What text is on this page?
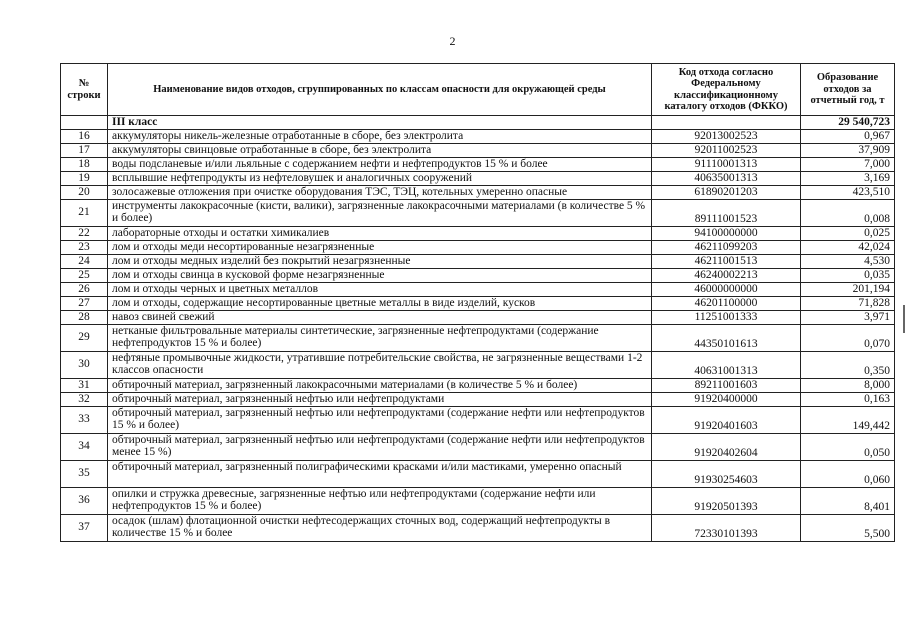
2
№ строки	Наименование видов отходов, сгруппированных по классам опасности для окружающей среды	Код отхода согласно Федеральному классификационному каталогу отходов (ФККО)	Образование отходов за отчетный год, т
	III класс		29 540,723
16	аккумуляторы никель-железные отработанные в сборе, без электролита	92013002523	0,967
17	аккумуляторы свинцовые отработанные в сборе, без электролита	92011002523	37,909
18	воды подсланевые и/или льяльные с содержанием нефти и нефтепродуктов 15 % и более	91110001313	7,000
19	всплывшие нефтепродукты из нефтеловушек и аналогичных сооружений	40635001313	3,169
20	золосажевые отложения при очистке оборудования ТЭС, ТЭЦ, котельных умеренно опасные	61890201203	423,510
21	инструменты лакокрасочные (кисти, валики), загрязненные лакокрасочными материалами (в количестве 5 % и более)	89111001523	0,008
22	лабораторные отходы и остатки химикалиев	94100000000	0,025
23	лом и отходы меди несортированные незагрязненные	46211099203	42,024
24	лом и отходы медных изделий без покрытий незагрязненные	46211001513	4,530
25	лом и отходы свинца в кусковой форме незагрязненные	46240002213	0,035
26	лом и отходы черных и цветных металлов	46000000000	201,194
27	лом и отходы, содержащие несортированные цветные металлы в виде изделий, кусков	46201100000	71,828
28	навоз свиней свежий	11251001333	3,971
29	нетканые фильтровальные материалы синтетические, загрязненные нефтепродуктами (содержание нефтепродуктов 15 % и более)	44350101613	0,070
30	нефтяные промывочные жидкости, утратившие потребительские свойства, не загрязненные веществами 1-2 классов опасности	40631001313	0,350
31	обтирочный материал, загрязненный лакокрасочными материалами (в количестве 5 % и более)	89211001603	8,000
32	обтирочный материал, загрязненный нефтью или нефтепродуктами	91920400000	0,163
33	обтирочный материал, загрязненный нефтью или нефтепродуктами (содержание нефти или нефтепродуктов 15 % и более)	91920401603	149,442
34	обтирочный материал, загрязненный нефтью или нефтепродуктами (содержание нефти или нефтепродуктов менее 15 %)	91920402604	0,050
35	обтирочный материал, загрязненный полиграфическими красками и/или мастиками, умеренно опасный	91930254603	0,060
36	опилки и стружка древесные, загрязненные нефтью или нефтепродуктами (содержание нефти или нефтепродуктов 15 % и более)	91920501393	8,401
37	осадок (шлам) флотационной очистки нефтесодержащих сточных вод, содержащий нефтепродукты в количестве 15 % и более	72330101393	5,500
